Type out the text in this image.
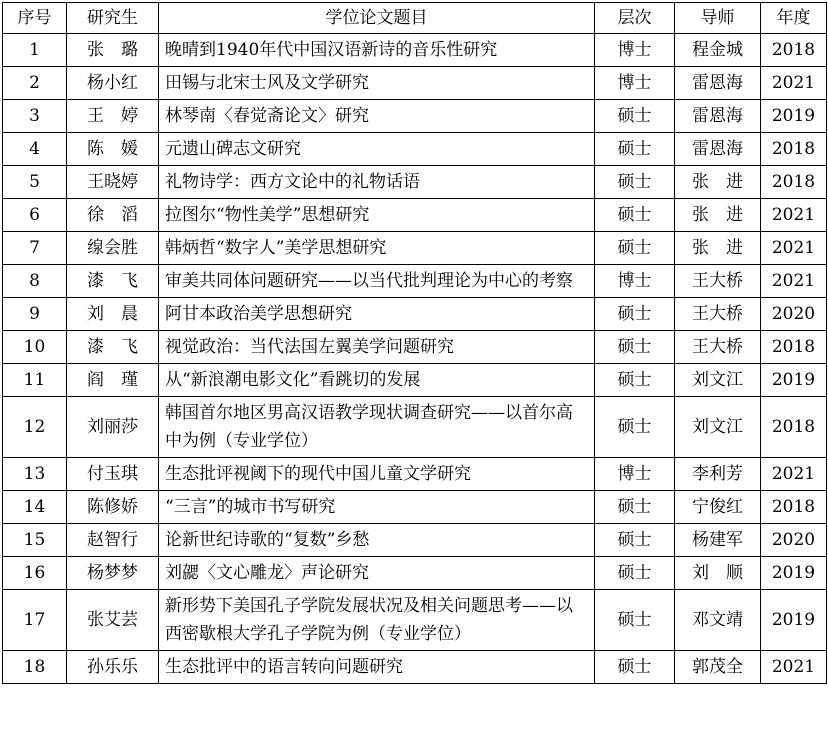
序号	研究生	学位论文题目	层次	导师	年度
1	张　璐	晚晴到1940年代中国汉语新诗的音乐性研究	博士	程金城	2018
2	杨小红	田锡与北宋士风及文学研究	博士	雷恩海	2021
3	王　婷	林琴南〈春觉斋论文〉研究	硕士	雷恩海	2019
4	陈　媛	元遗山碑志文研究	硕士	雷恩海	2018
5	王晓婷	礼物诗学：西方文论中的礼物话语	硕士	张　进	2018
6	徐　滔	拉图尔“物性美学”思想研究	硕士	张　进	2021
7	缐会胜	韩炳哲“数字人”美学思想研究	硕士	张　进	2021
8	漆　飞	审美共同体问题研究——以当代批判理论为中心的考察	博士	王大桥	2021
9	刘　晨	阿甘本政治美学思想研究	硕士	王大桥	2020
10	漆　飞	视觉政治：当代法国左翼美学问题研究	硕士	王大桥	2018
11	阎　瑾	从“新浪潮电影文化”看跳切的发展	硕士	刘文江	2019
12	刘丽莎	韩国首尔地区男高汉语教学现状调查研究——以首尔高中为例（专业学位）	硕士	刘文江	2018
13	付玉琪	生态批评视阈下的现代中国儿童文学研究	博士	李利芳	2021
14	陈修娇	“三言”的城市书写研究	硕士	宁俊红	2018
15	赵智行	论新世纪诗歌的“复数”乡愁	硕士	杨建军	2020
16	杨梦梦	刘勰〈文心雕龙〉声论研究	硕士	刘　顺	2019
17	张艾芸	新形势下美国孔子学院发展状况及相关问题思考——以西密歇根大学孔子学院为例（专业学位）	硕士	邓文靖	2019
18	孙乐乐	生态批评中的语言转向问题研究	硕士	郭茂全	2021
